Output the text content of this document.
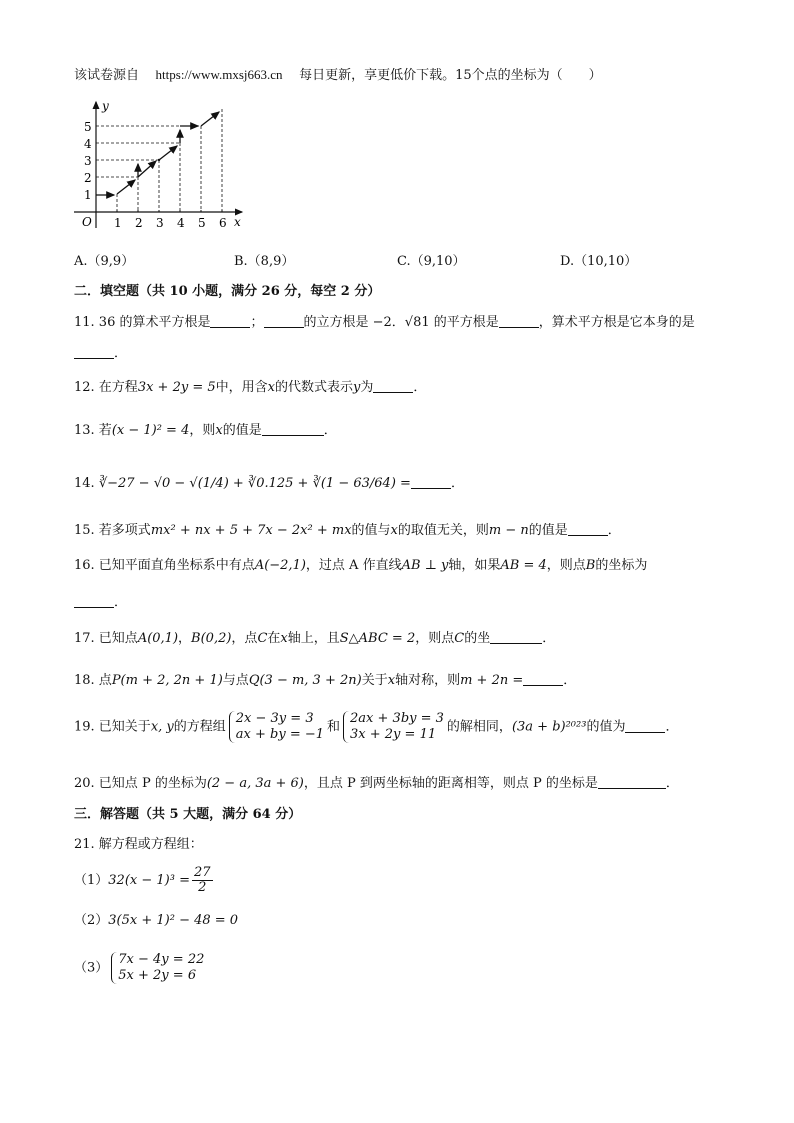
该试卷源自 https://www.mxsj663.cn 每日更新，享更低价下载。15个点的坐标为（　　）
y
x
O 1 2 3 4 5 6
1
2
3
4
5
A.（9,9）	B.（8,9）	C.（9,10）	D.（10,10）
二．填空题（共 10 小题，满分 26 分，每空 2 分）
11. 36 的算术平方根是	；	的立方根是 −2．√81 的平方根是	，算术平方根是它本身的是
．
12. 在方程3x + 2y = 5中，用含x的代数式表示y为	．
13. 若(x − 1)² = 4，则x的值是	．
14. ∛−27 − √0 − √(1/4) + ∛0.125 + ∛(1 − 63/64) =	．
15. 若多项式mx² + nx + 5 + 7x − 2x² + mx的值与x的取值无关，则m − n的值是	．
16. 已知平面直角坐标系中有点A(−2,1)，过点 A 作直线AB ⊥ y轴，如果AB = 4，则点B的坐标为
．
17. 已知点A(0,1)，B(0,2)，点C在x轴上，且S△ABC = 2，则点C的坐	．
18. 点P(m + 2, 2n + 1)与点Q(3 − m, 3 + 2n)关于x轴对称，则m + 2n =	．
19. 已知关于x, y的方程组
2x − 3y = 3
ax + by = −1 和
2ax + 3by = 3
3x + 2y = 11 的解相同，(3a + b)²⁰²³的值为	．
20. 已知点 P 的坐标为(2 − a, 3a + 6)，且点 P 到两坐标轴的距离相等，则点 P 的坐标是	．
三．解答题（共 5 大题，满分 64 分）
21. 解方程或方程组：
$(1)32(x - 1)^3 = \frac{27}{2}$
（2）3(5x + 1)² − 48 = 0
（3）
7x − 4y = 22
5x + 2y = 6
